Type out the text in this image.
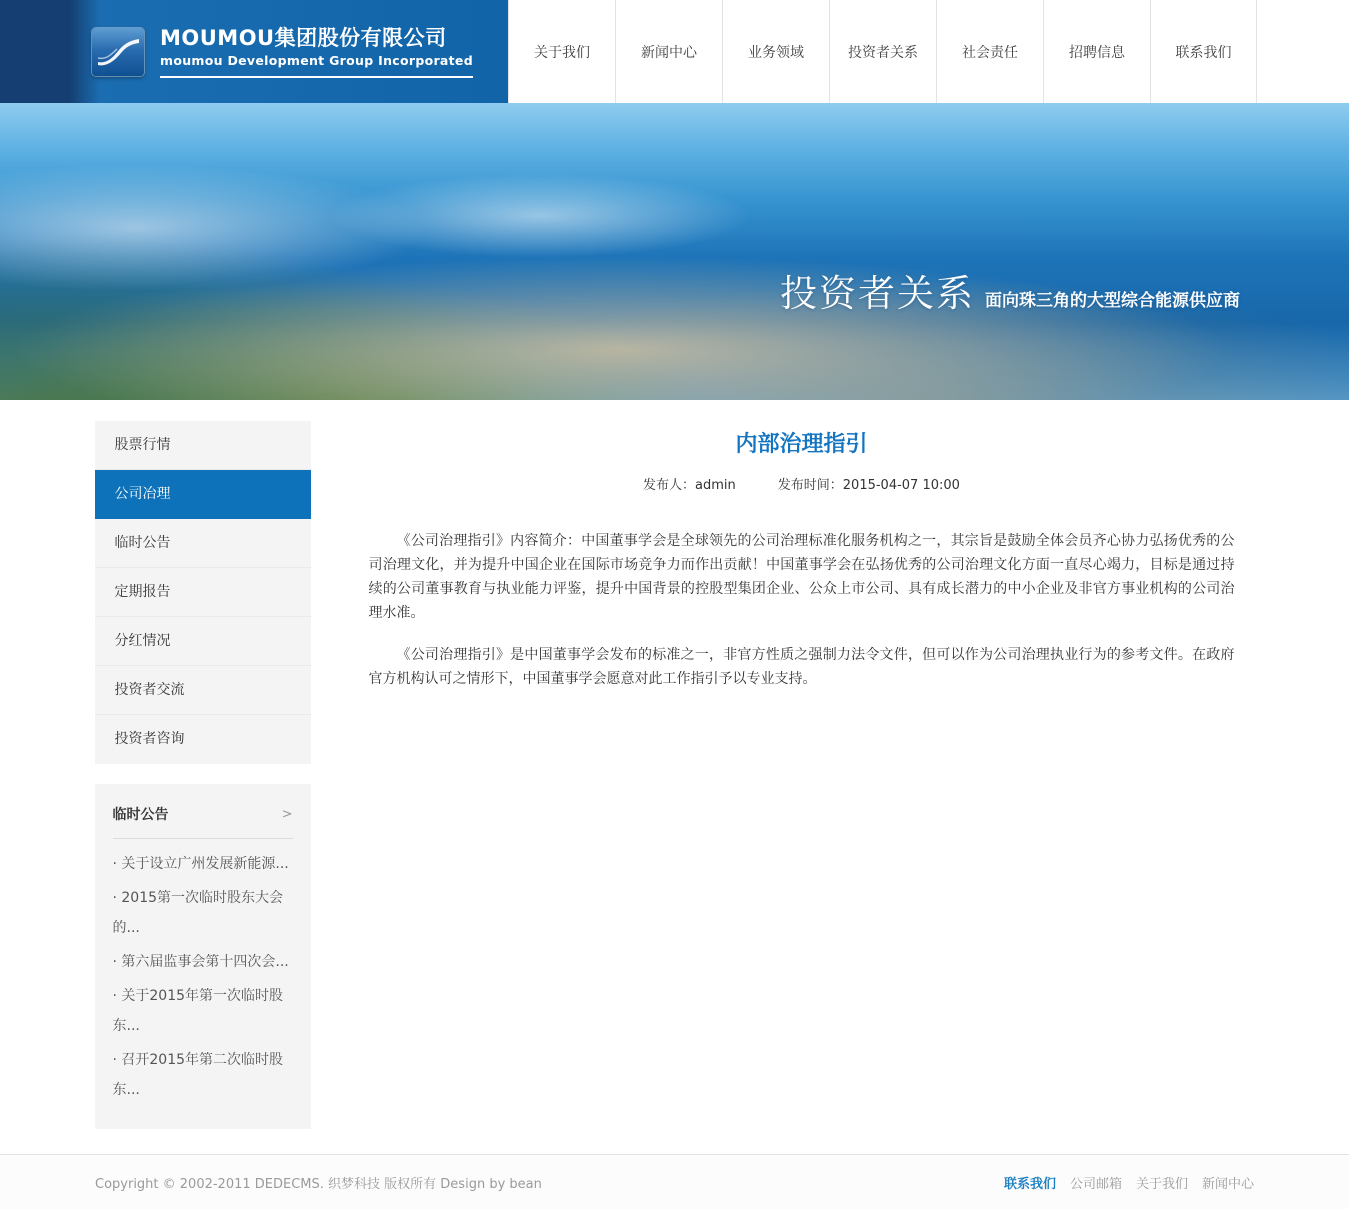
MOUMOU集团股份有限公司
moumou Development Group Incorporated	关于我们	新闻中心	业务领域	投资者关系	社会责任	招聘信息	联系我们
投资者关系 面向珠三角的大型综合能源供应商
股票行情
公司冶理
临时公告
定期报告
分红情况
投资者交流
投资者咨询
临时公告	>
· 关于设立广州发展新能源...
· 2015第一次临时股东大会的...
· 第六届监事会第十四次会...
· 关于2015年第一次临时股东...
· 召开2015年第二次临时股东...
内部治理指引
发布人：admin	发布时间：2015-04-07 10:00

《公司治理指引》内容简介：中国董事学会是全球领先的公司治理标准化服务机构之一，其宗旨是鼓励全体会员齐心协力弘扬优秀的公司治理文化，并为提升中国企业在国际市场竞争力而作出贡献！中国董事学会在弘扬优秀的公司治理文化方面一直尽心竭力，目标是通过持续的公司董事教育与执业能力评鉴，提升中国背景的控股型集团企业、公众上市公司、具有成长潜力的中小企业及非官方事业机构的公司治理水准。

《公司治理指引》是中国董事学会发布的标准之一，非官方性质之强制力法令文件，但可以作为公司治理执业行为的参考文件。在政府官方机构认可之情形下，中国董事学会愿意对此工作指引予以专业支持。

Copyright © 2002-2011 DEDECMS. 织梦科技 版权所有 Design by bean	联系我们 公司邮箱 关于我们 新闻中心
